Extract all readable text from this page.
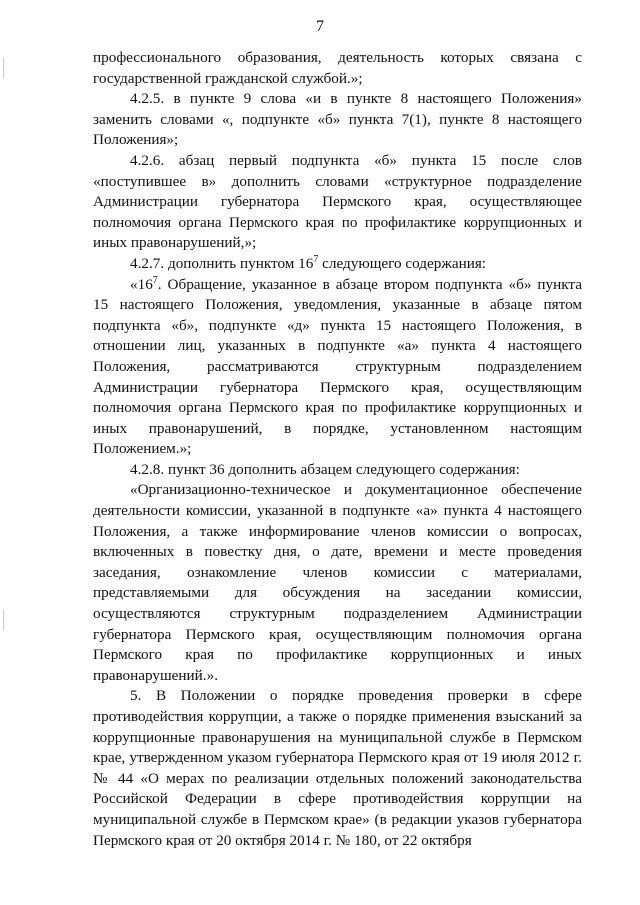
7

профессионального образования, деятельность которых связана с государственной гражданской службой.»;

4.2.5. в пункте 9 слова «и в пункте 8 настоящего Положения» заменить словами «, подпункте «б» пункта 7(1), пункте 8 настоящего Положения»;

4.2.6. абзац первый подпункта «б» пункта 15 после слов «поступившее в» дополнить словами «структурное подразделение Администрации губернатора Пермского края, осуществляющее полномочия органа Пермского края по профилактике коррупционных и иных правонарушений,»;

4.2.7. дополнить пунктом $16^7$ следующего содержания:

«$16^7$. Обращение, указанное в абзаце втором подпункта «б» пункта 15 настоящего Положения, уведомления, указанные в абзаце пятом подпункта «б», подпункте «д» пункта 15 настоящего Положения, в отношении лиц, указанных в подпункте «а» пункта 4 настоящего Положения, рассматриваются структурным подразделением Администрации губернатора Пермского края, осуществляющим полномочия органа Пермского края по профилактике коррупционных и иных правонарушений, в порядке, установленном настоящим Положением.»;

4.2.8. пункт 36 дополнить абзацем следующего содержания:

«Организационно-техническое и документационное обеспечение деятельности комиссии, указанной в подпункте «а» пункта 4 настоящего Положения, а также информирование членов комиссии о вопросах, включенных в повестку дня, о дате, времени и месте проведения заседания, ознакомление членов комиссии с материалами, представляемыми для обсуждения на заседании комиссии, осуществляются структурным подразделением Администрации губернатора Пермского края, осуществляющим полномочия органа Пермского края по профилактике коррупционных и иных правонарушений.».

5. В Положении о порядке проведения проверки в сфере противодействия коррупции, а также о порядке применения взысканий за коррупционные правонарушения на муниципальной службе в Пермском крае, утвержденном указом губернатора Пермского края от 19 июля 2012 г. № 44 «О мерах по реализации отдельных положений законодательства Российской Федерации в сфере противодействия коррупции на муниципальной службе в Пермском крае» (в редакции указов губернатора Пермского края от 20 октября 2014 г. № 180, от 22 октября
